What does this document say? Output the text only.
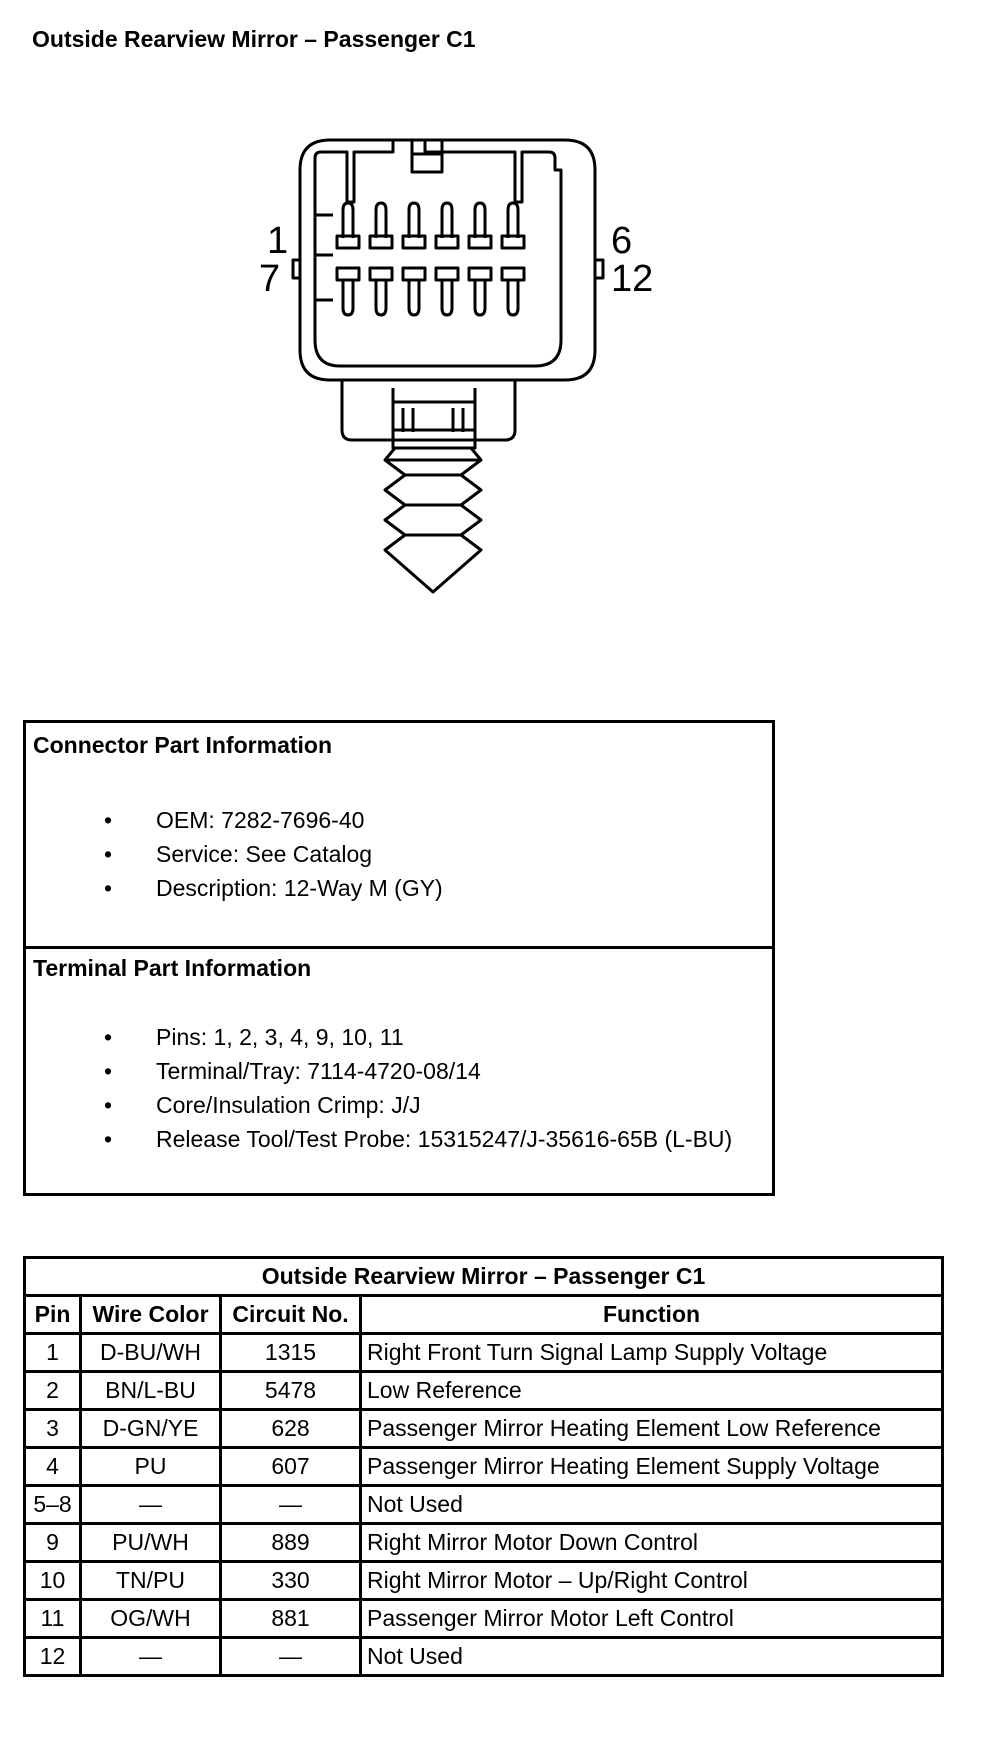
Outside Rearview Mirror – Passenger C1
1	6
7	12
Connector Part Information
• OEM: 7282-7696-40
• Service: See Catalog
• Description: 12-Way M (GY)
Terminal Part Information
• Pins: 1, 2, 3, 4, 9, 10, 11
• Terminal/Tray: 7114-4720-08/14
• Core/Insulation Crimp: J/J
• Release Tool/Test Probe: 15315247/J-35616-65B (L-BU)
Outside Rearview Mirror – Passenger C1			
Pin	Wire Color	Circuit No.	Function
1	D-BU/WH	1315	Right Front Turn Signal Lamp Supply Voltage
2	BN/L-BU	5478	Low Reference
3	D-GN/YE	628	Passenger Mirror Heating Element Low Reference
4	PU	607	Passenger Mirror Heating Element Supply Voltage
5–8	—	—	Not Used
9	PU/WH	889	Right Mirror Motor Down Control
10	TN/PU	330	Right Mirror Motor – Up/Right Control
11	OG/WH	881	Passenger Mirror Motor Left Control
12	—	—	Not Used
